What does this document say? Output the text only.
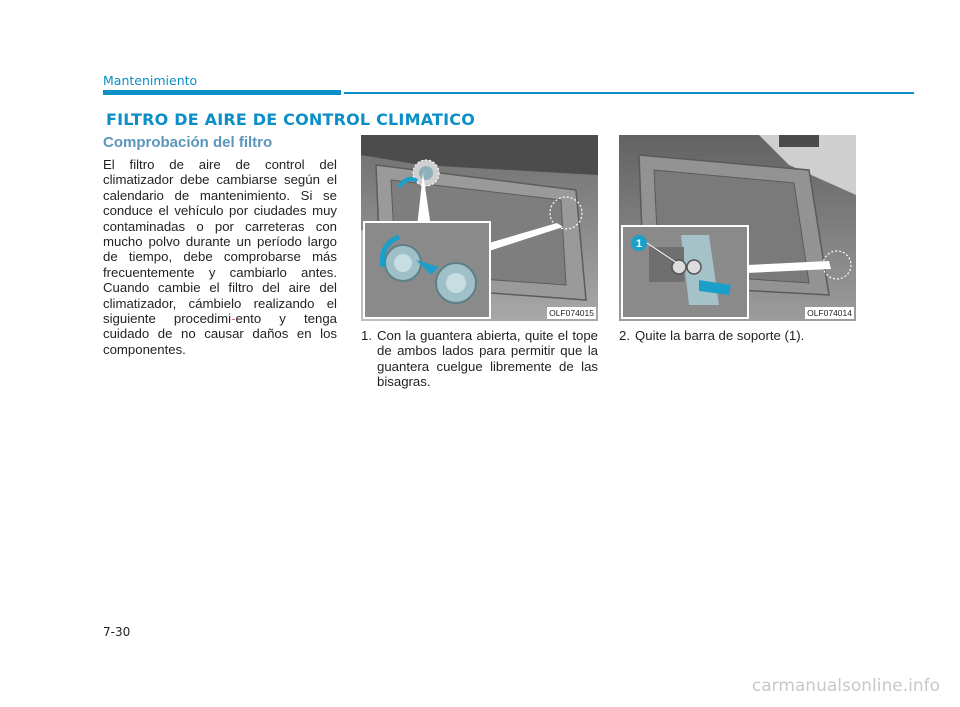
Mantenimiento
FILTRO DE AIRE DE CONTROL CLIMATICO
Comprobación del filtro

El filtro de aire de control del climatizador debe cambiarse según el calendario de mantenimiento. Si se conduce el vehículo por ciudades muy contaminadas o por carreteras con mucho polvo durante un período largo de tiempo, debe comprobarse más frecuentemente y cambiarlo antes. Cuando cambie el filtro del aire del climatizador, cámbielo realizando el siguiente procedimi-ento y tenga cuidado de no causar daños en los componentes.

OLF074015
1
OLF074014

1. Con la guantera abierta, quite el tope de ambos lados para permitir que la guantera cuelgue libremente de las bisagras.

2. Quite la barra de soporte (1).

7-30
carmanualsonline.info
